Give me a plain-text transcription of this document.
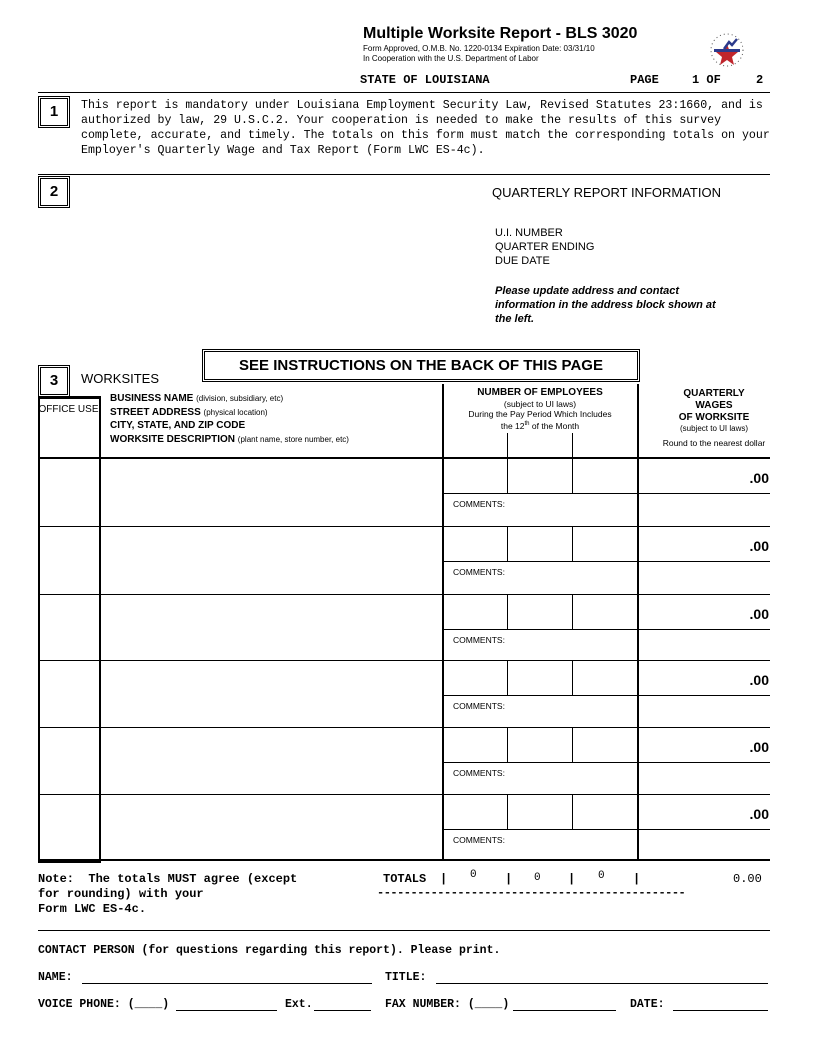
Multiple Worksite Report - BLS 3020
Form Approved, O.M.B. No. 1220-0134 Expiration Date: 03/31/10
In Cooperation with the U.S. Department of Labor
STATE OF LOUISIANA	PAGE	1 OF	2
1	This report is mandatory under Louisiana Employment Security Law, Revised Statutes 23:1660, and is authorized by law, 29 U.S.C.2. Your cooperation is needed to make the results of this survey complete, accurate, and timely. The totals on this form must match the corresponding totals on your Employer's Quarterly Wage and Tax Report (Form LWC ES-4c).
2	QUARTERLY REPORT INFORMATION
U.I. NUMBER
QUARTER ENDING
DUE DATE
Please update address and contact information in the address block shown at the left.
3	WORKSITES
SEE INSTRUCTIONS ON THE BACK OF THIS PAGE
OFFICE USE
BUSINESS NAME (division, subsidiary, etc)
STREET ADDRESS (physical location)
CITY, STATE, AND ZIP CODE
WORKSITE DESCRIPTION (plant name, store number, etc)
NUMBER OF EMPLOYEES
(subject to UI laws)
During the Pay Period Which Includes
the 12th of the Month
QUARTERLY
WAGES
OF WORKSITE
(subject to UI laws)
Round to the nearest dollar
.00
COMMENTS:
.00
COMMENTS:
.00
COMMENTS:
.00
COMMENTS:
.00
COMMENTS:
.00
COMMENTS:
Note:  The totals MUST agree (except
for rounding) with your
Form LWC ES-4c.
TOTALS | 0 | 0 | 0 |	0.00
----------------------------------------------
CONTACT PERSON (for questions regarding this report). Please print.
NAME:	TITLE:
VOICE PHONE: (____)	Ext.	FAX NUMBER: (____)	DATE:
